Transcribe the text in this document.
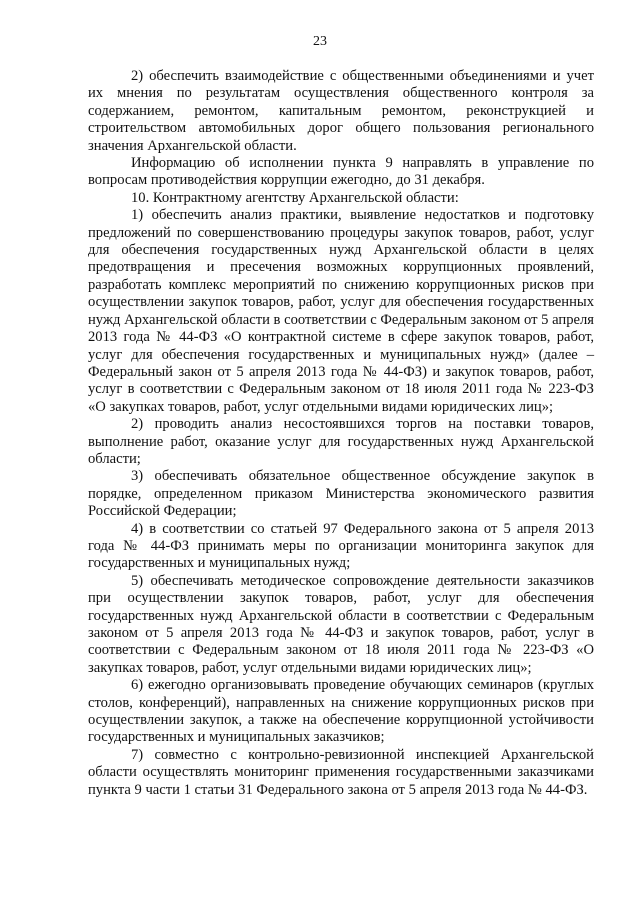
23

2) обеспечить взаимодействие с общественными объединениями и учет их мнения по результатам осуществления общественного контроля за содержанием, ремонтом, капитальным ремонтом, реконструкцией и строительством автомобильных дорог общего пользования регионального значения Архангельской области.

Информацию об исполнении пункта 9 направлять в управление по вопросам противодействия коррупции ежегодно, до 31 декабря.

10. Контрактному агентству Архангельской области:

1) обеспечить анализ практики, выявление недостатков и подготовку предложений по совершенствованию процедуры закупок товаров, работ, услуг для обеспечения государственных нужд Архангельской области в целях предотвращения и пресечения возможных коррупционных проявлений, разработать комплекс мероприятий по снижению коррупционных рисков при осуществлении закупок товаров, работ, услуг для обеспечения государственных нужд Архангельской области в соответствии с Федеральным законом от 5 апреля 2013 года № 44-ФЗ «О контрактной системе в сфере закупок товаров, работ, услуг для обеспечения государственных и муниципальных нужд» (далее – Федеральный закон от 5 апреля 2013 года № 44-ФЗ) и закупок товаров, работ, услуг в соответствии с Федеральным законом от 18 июля 2011 года № 223-ФЗ «О закупках товаров, работ, услуг отдельными видами юридических лиц»;

2) проводить анализ несостоявшихся торгов на поставки товаров, выполнение работ, оказание услуг для государственных нужд Архангельской области;

3) обеспечивать обязательное общественное обсуждение закупок в порядке, определенном приказом Министерства экономического развития Российской Федерации;

4) в соответствии со статьей 97 Федерального закона от 5 апреля 2013 года № 44-ФЗ принимать меры по организации мониторинга закупок для государственных и муниципальных нужд;

5) обеспечивать методическое сопровождение деятельности заказчиков при осуществлении закупок товаров, работ, услуг для обеспечения государственных нужд Архангельской области в соответствии с Федеральным законом от 5 апреля 2013 года № 44-ФЗ и закупок товаров, работ, услуг в соответствии с Федеральным законом от 18 июля 2011 года № 223-ФЗ «О закупках товаров, работ, услуг отдельными видами юридических лиц»;

6) ежегодно организовывать проведение обучающих семинаров (круглых столов, конференций), направленных на снижение коррупционных рисков при осуществлении закупок, а также на обеспечение коррупционной устойчивости государственных и муниципальных заказчиков;

7) совместно с контрольно-ревизионной инспекцией Архангельской области осуществлять мониторинг применения государственными заказчиками пункта 9 части 1 статьи 31 Федерального закона от 5 апреля 2013 года № 44-ФЗ.
